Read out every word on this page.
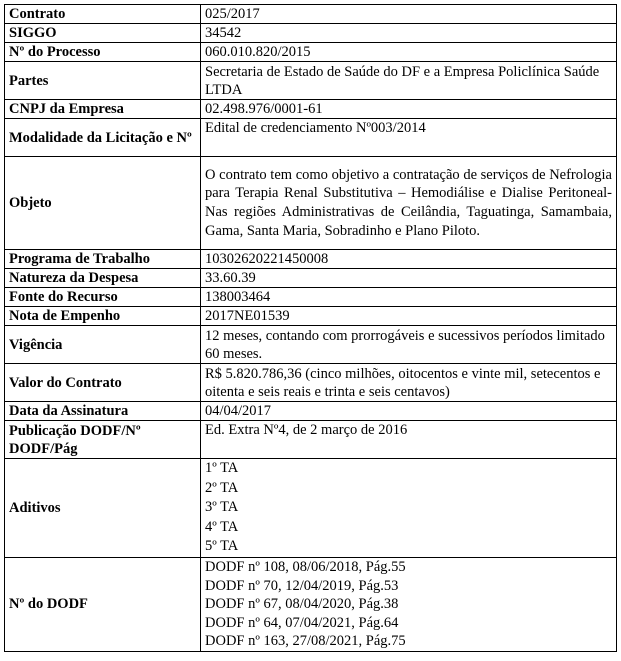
Contrato	025/2017
SIGGO	34542
Nº do Processo	060.010.820/2015
Partes	Secretaria de Estado de Saúde do DF e a Empresa Policlínica Saúde LTDA
CNPJ da Empresa	02.498.976/0001-61
Modalidade da Licitação e Nº	Edital de credenciamento Nº003/2014
Objeto	O contrato tem como objetivo a contratação de serviços de Nefrologia para Terapia Renal Substitutiva – Hemodiálise e Dialise Peritoneal- Nas regiões Administrativas de Ceilândia, Taguatinga, Samambaia, Gama, Santa Maria, Sobradinho e Plano Piloto.
Programa de Trabalho	10302620221450008
Natureza da Despesa	33.60.39
Fonte do Recurso	138003464
Nota de Empenho	2017NE01539
Vigência	12 meses, contando com prorrogáveis e sucessivos períodos limitado 60 meses.
Valor do Contrato	R$ 5.820.786,36 (cinco milhões, oitocentos e vinte mil, setecentos e oitenta e seis reais e trinta e seis centavos)
Data da Assinatura	04/04/2017
Publicação DODF/Nº DODF/Pág	Ed. Extra Nº4, de 2 março de 2016
Aditivos	1º TA
2º TA
3º TA
4º TA
5º TA

Nº do DODF	DODF nº 108, 08/06/2018, Pág.55
DODF nº 70, 12/04/2019, Pág.53
DODF nº 67, 08/04/2020, Pág.38
DODF nº 64, 07/04/2021, Pág.64
DODF nº 163, 27/08/2021, Pág.75
